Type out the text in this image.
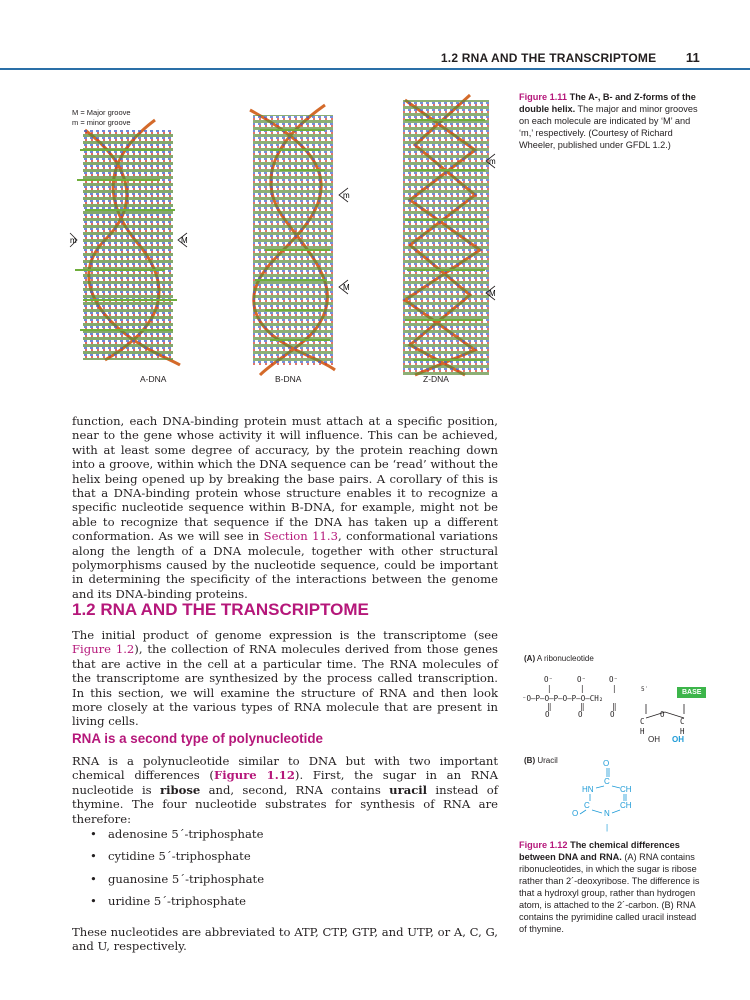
1.2 RNA AND THE TRANSCRIPTOME 11
M = Major groove
m = minor groove
m	M
m
M
m
M
A-DNA	B-DNA	Z-DNA
Figure 1.11 The A-, B- and Z-forms of the double helix. The major and minor grooves on each molecule are indicated by ‘M’ and ‘m,’ respectively. (Courtesy of Richard Wheeler, published under GFDL 1.2.)
function, each DNA-binding protein must attach at a specific position, near to the gene whose activity it will influence. This can be achieved, with at least some degree of accuracy, by the protein reaching down into a groove, within which the DNA sequence can be ‘read’ without the helix being opened up by breaking the base pairs. A corollary of this is that a DNA-binding protein whose structure enables it to recognize a specific nucleotide sequence within B-DNA, for example, might not be able to recognize that sequence if the DNA has taken up a different conformation. As we will see in Section 11.3, conformational variations along the length of a DNA molecule, together with other structural polymorphisms caused by the nucleotide sequence, could be important in determining the specificity of the interactions between the genome and its DNA-binding proteins.
1.2 RNA AND THE TRANSCRIPTOME
The initial product of genome expression is the transcriptome (see Figure 1.2), the collection of RNA molecules derived from those genes that are active in the cell at a particular time. The RNA molecules of the transcriptome are synthesized by the process called transcription. In this section, we will examine the structure of RNA and then look more closely at the various types of RNA molecule that are present in living cells.
RNA is a second type of polynucleotide
RNA is a polynucleotide similar to DNA but with two important chemical differences (Figure 1.12). First, the sugar in an RNA nucleotide is ribose and, second, RNA contains uracil instead of thymine. The four nucleotide substrates for synthesis of RNA are therefore:
• adenosine 5´-triphosphate
• cytidine 5´-triphosphate
• guanosine 5´-triphosphate
• uridine 5´-triphosphate
These nucleotides are abbreviated to ATP, CTP, GTP, and UTP, or A, C, G, and U, respectively.
(A) A ribonucleotide
O⁻	O⁻	O⁻
|	|	|
⁻O—P—O—P—O—P—O—CH₂
‖	‖	‖
O	O	O
5′
O
C	C
H	H
BASE
OH OH
(B) Uracil	O
C
HN	CH
C	CH
O	N
|
Figure 1.12 The chemical differences between DNA and RNA. (A) RNA contains ribonucleotides, in which the sugar is ribose rather than 2´-deoxyribose. The difference is that a hydroxyl group, rather than hydrogen atom, is attached to the 2´-carbon. (B) RNA contains the pyrimidine called uracil instead of thymine.
